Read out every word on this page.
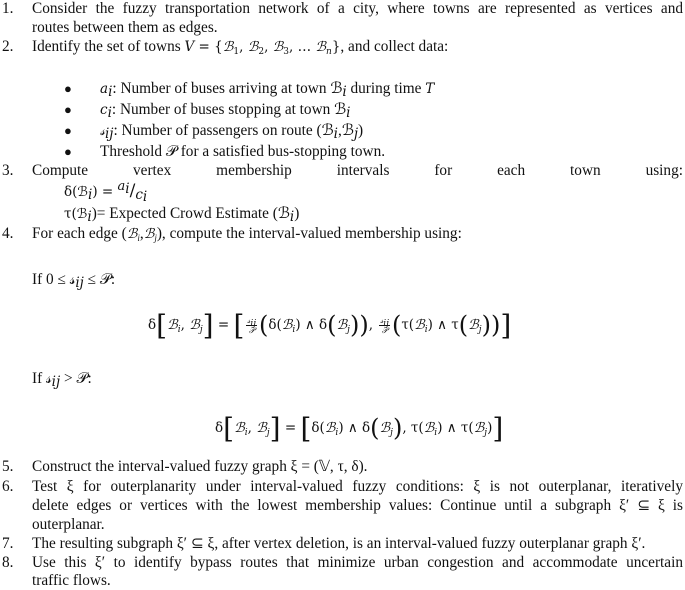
1. Consider the fuzzy transportation network of a city, where towns are represented as vertices and
routes between them as edges.
2. Identify the set of towns V = {ℬ$_1$, ℬ$_2$, ℬ$_3$, … ℬ$_n$}, and collect data:
● $a_i$: Number of buses arriving at town ℬ$_i$ during time T
● $c_i$: Number of buses stopping at town ℬ$_i$
● 𝓈$_{ij}$: Number of passengers on route (ℬ$_i$,ℬ$_j$)
● Threshold 𝒫 for a satisfied bus-stopping town.
3. Compute	vertex	membership	intervals	for	each	town	using:
δ(ℬ$_i$) = $^a_i/c_i$
τ(ℬ$_i$)= Expected Crowd Estimate (ℬ$_i$)
4. For each edge (ℬ$_i$,ℬ$_j$), compute the interval-valued membership using:
If 0 ≤ 𝓈$_{ij}$ ≤ 𝒫:
δ[ℬ$_i$, ℬ$_j$] = [ $\frac{𝓈_{ij}}{\text{𝒫}}$ (δ(ℬ$_i$) ∧ δ(ℬ$_j$)), $\frac{𝓈_{ij}}{\text{𝒫}}$ (τ(ℬ$_i$) ∧ τ(ℬ$_j$))]
If 𝓈$_{ij}$ > 𝒫:
δ[ℬ$_i$, ℬ$_j$] = [δ(ℬ$_i$) ∧ δ(ℬ$_j$), τ(ℬ$_i$) ∧ τ(ℬ$_j$)]
5. Construct the interval-valued fuzzy graph ξ = (𝕍, τ, δ).
6. Test ξ for outerplanarity under interval-valued fuzzy conditions: ξ is not outerplanar, iteratively
delete edges or vertices with the lowest membership values: Continue until a subgraph ξ′ ⊆ ξ is
outerplanar.
7. The resulting subgraph ξ′ ⊆ ξ, after vertex deletion, is an interval-valued fuzzy outerplanar graph ξ′.
8. Use this ξ′ to identify bypass routes that minimize urban congestion and accommodate uncertain
traffic flows.
